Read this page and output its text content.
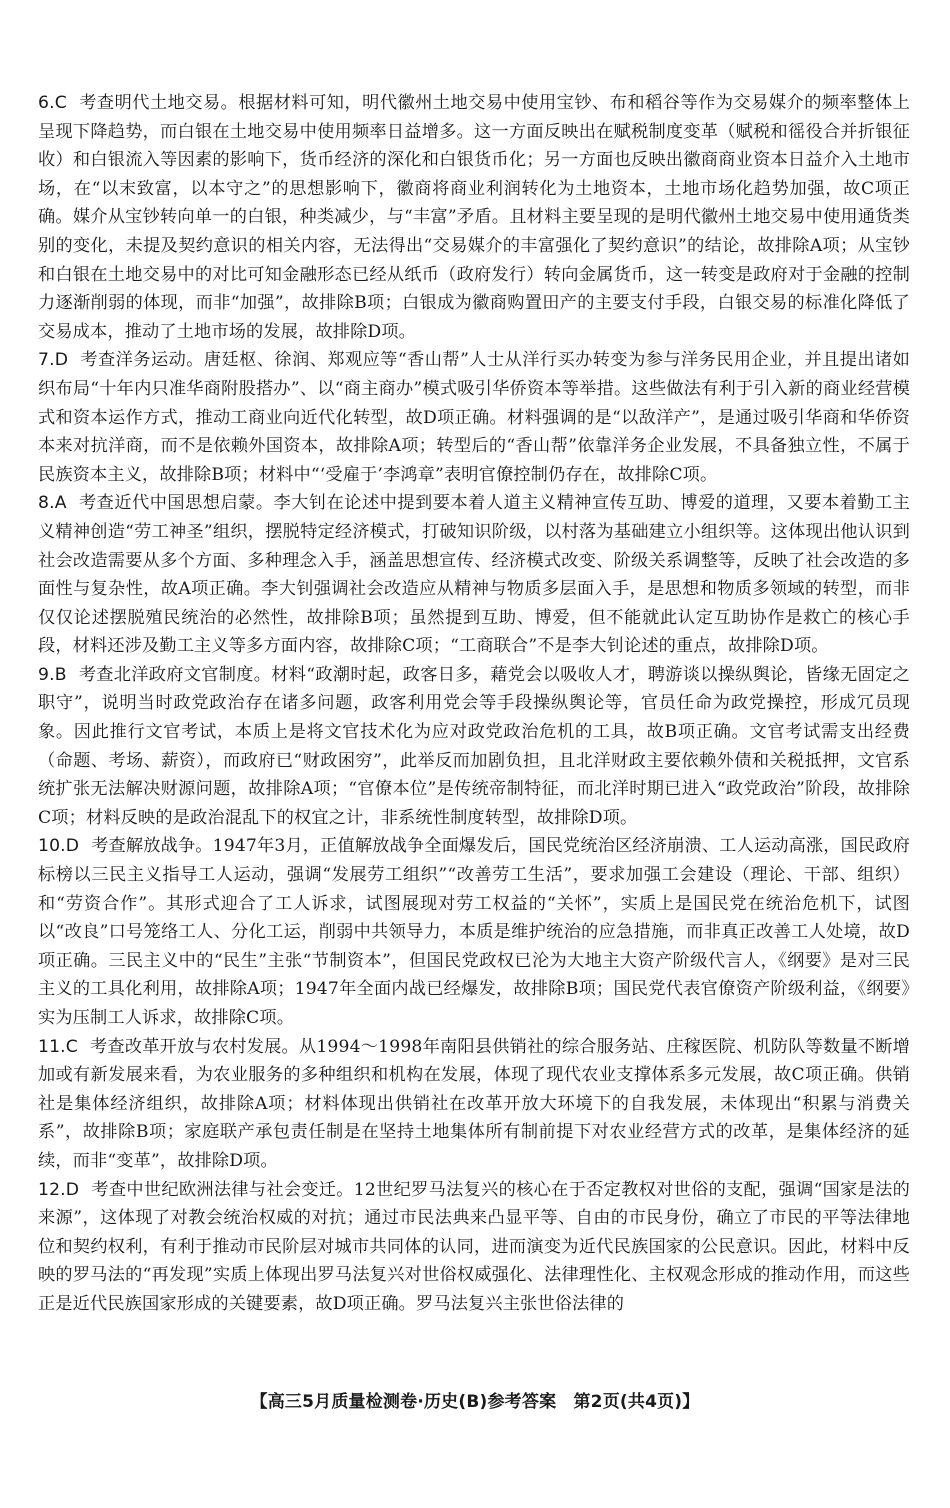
6.C 考查明代土地交易。根据材料可知，明代徽州土地交易中使用宝钞、布和稻谷等作为交易媒介的频率整体上呈现下降趋势，而白银在土地交易中使用频率日益增多。这一方面反映出在赋税制度变革（赋税和徭役合并折银征收）和白银流入等因素的影响下，货币经济的深化和白银货币化；另一方面也反映出徽商商业资本日益介入土地市场，在“以末致富，以本守之”的思想影响下，徽商将商业利润转化为土地资本，土地市场化趋势加强，故C项正确。媒介从宝钞转向单一的白银，种类减少，与“丰富”矛盾。且材料主要呈现的是明代徽州土地交易中使用通货类别的变化，未提及契约意识的相关内容，无法得出“交易媒介的丰富强化了契约意识”的结论，故排除A项；从宝钞和白银在土地交易中的对比可知金融形态已经从纸币（政府发行）转向金属货币，这一转变是政府对于金融的控制力逐渐削弱的体现，而非“加强”，故排除B项；白银成为徽商购置田产的主要支付手段，白银交易的标准化降低了交易成本，推动了土地市场的发展，故排除D项。

7.D 考查洋务运动。唐廷枢、徐润、郑观应等“香山帮”人士从洋行买办转变为参与洋务民用企业，并且提出诸如织布局“十年内只准华商附股搭办”、以“商主商办”模式吸引华侨资本等举措。这些做法有利于引入新的商业经营模式和资本运作方式，推动工商业向近代化转型，故D项正确。材料强调的是“以敌洋产”，是通过吸引华商和华侨资本来对抗洋商，而不是依赖外国资本，故排除A项；转型后的“香山帮”依靠洋务企业发展，不具备独立性，不属于民族资本主义，故排除B项；材料中“‘受雇于’李鸿章”表明官僚控制仍存在，故排除C项。

8.A 考查近代中国思想启蒙。李大钊在论述中提到要本着人道主义精神宣传互助、博爱的道理，又要本着勤工主义精神创造“劳工神圣”组织，摆脱特定经济模式，打破知识阶级，以村落为基础建立小组织等。这体现出他认识到社会改造需要从多个方面、多种理念入手，涵盖思想宣传、经济模式改变、阶级关系调整等，反映了社会改造的多面性与复杂性，故A项正确。李大钊强调社会改造应从精神与物质多层面入手，是思想和物质多领域的转型，而非仅仅论述摆脱殖民统治的必然性，故排除B项；虽然提到互助、博爱，但不能就此认定互助协作是救亡的核心手段，材料还涉及勤工主义等多方面内容，故排除C项；“工商联合”不是李大钊论述的重点，故排除D项。

9.B 考查北洋政府文官制度。材料“政潮时起，政客日多，藉党会以吸收人才，聘游谈以操纵舆论，皆缘无固定之职守”，说明当时政党政治存在诸多问题，政客利用党会等手段操纵舆论等，官员任命为政党操控，形成冗员现象。因此推行文官考试，本质上是将文官技术化为应对政党政治危机的工具，故B项正确。文官考试需支出经费（命题、考场、薪资），而政府已“财政困穷”，此举反而加剧负担，且北洋财政主要依赖外债和关税抵押，文官系统扩张无法解决财源问题，故排除A项；“官僚本位”是传统帝制特征，而北洋时期已进入“政党政治”阶段，故排除C项；材料反映的是政治混乱下的权宜之计，非系统性制度转型，故排除D项。

10.D 考查解放战争。1947年3月，正值解放战争全面爆发后，国民党统治区经济崩溃、工人运动高涨，国民政府标榜以三民主义指导工人运动，强调“发展劳工组织”“改善劳工生活”，要求加强工会建设（理论、干部、组织）和“劳资合作”。其形式迎合了工人诉求，试图展现对劳工权益的“关怀”，实质上是国民党在统治危机下，试图以“改良”口号笼络工人、分化工运，削弱中共领导力，本质是维护统治的应急措施，而非真正改善工人处境，故D项正确。三民主义中的“民生”主张“节制资本”，但国民党政权已沦为大地主大资产阶级代言人，《纲要》是对三民主义的工具化利用，故排除A项；1947年全面内战已经爆发，故排除B项；国民党代表官僚资产阶级利益，《纲要》实为压制工人诉求，故排除C项。

11.C 考查改革开放与农村发展。从1994～1998年南阳县供销社的综合服务站、庄稼医院、机防队等数量不断增加或有新发展来看，为农业服务的多种组织和机构在发展，体现了现代农业支撑体系多元发展，故C项正确。供销社是集体经济组织，故排除A项；材料体现出供销社在改革开放大环境下的自我发展，未体现出“积累与消费关系”，故排除B项；家庭联产承包责任制是在坚持土地集体所有制前提下对农业经营方式的改革，是集体经济的延续，而非“变革”，故排除D项。

12.D 考查中世纪欧洲法律与社会变迁。12世纪罗马法复兴的核心在于否定教权对世俗的支配，强调“国家是法的来源”，这体现了对教会统治权威的对抗；通过市民法典来凸显平等、自由的市民身份，确立了市民的平等法律地位和契约权利，有利于推动市民阶层对城市共同体的认同，进而演变为近代民族国家的公民意识。因此，材料中反映的罗马法的“再发现”实质上体现出罗马法复兴对世俗权威强化、法律理性化、主权观念形成的推动作用，而这些正是近代民族国家形成的关键要素，故D项正确。罗马法复兴主张世俗法律的

【高三5月质量检测卷·历史(B)参考答案　第2页(共4页)】
